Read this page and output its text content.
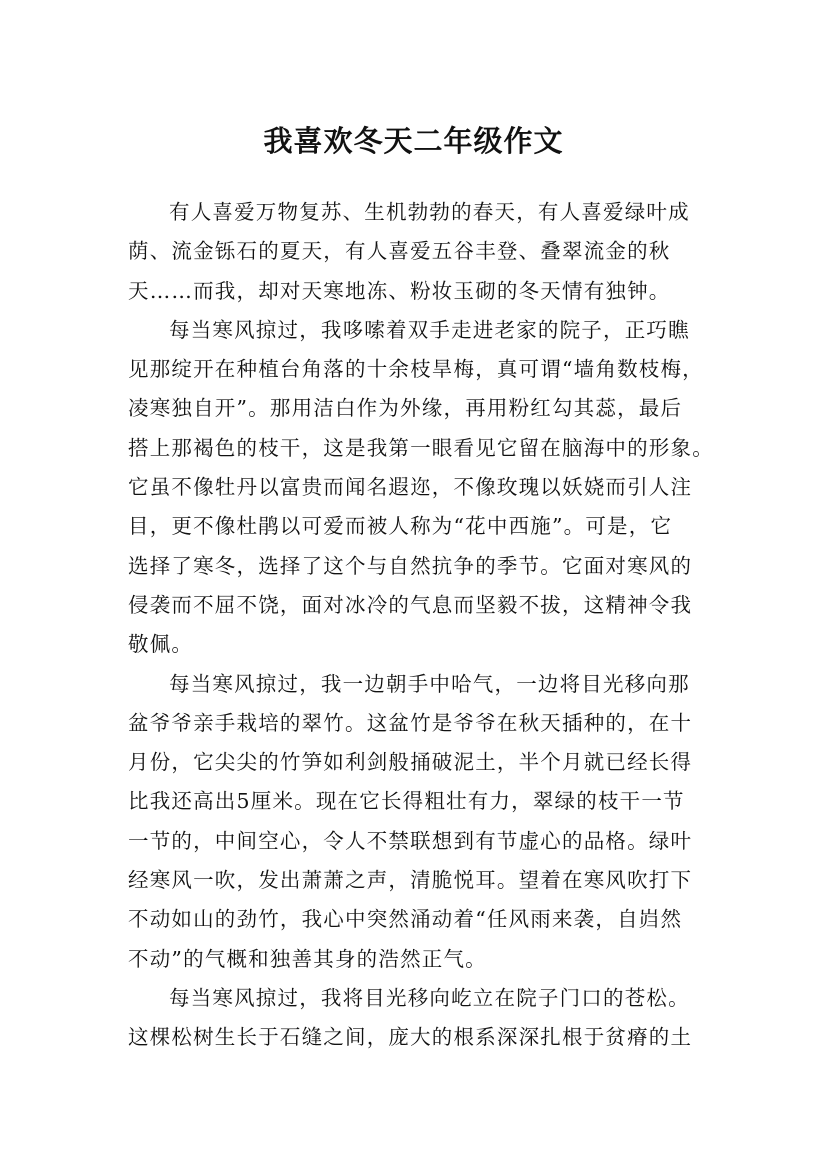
我喜欢冬天二年级作文

有人喜爱万物复苏、生机勃勃的春天，有人喜爱绿叶成
荫、流金铄石的夏天，有人喜爱五谷丰登、叠翠流金的秋
天……而我，却对天寒地冻、粉妆玉砌的冬天情有独钟。

每当寒风掠过，我哆嗦着双手走进老家的院子，正巧瞧
见那绽开在种植台角落的十余枝旱梅，真可谓“墙角数枝梅，
凌寒独自开”。那用洁白作为外缘，再用粉红勾其蕊，最后
搭上那褐色的枝干，这是我第一眼看见它留在脑海中的形象。
它虽不像牡丹以富贵而闻名遐迩，不像玫瑰以妖娆而引人注
目，更不像杜鹃以可爱而被人称为“花中西施”。可是，它
选择了寒冬，选择了这个与自然抗争的季节。它面对寒风的
侵袭而不屈不饶，面对冰冷的气息而坚毅不拔，这精神令我
敬佩。

每当寒风掠过，我一边朝手中哈气，一边将目光移向那
盆爷爷亲手栽培的翠竹。这盆竹是爷爷在秋天插种的，在十
月份，它尖尖的竹笋如利剑般捅破泥土，半个月就已经长得
比我还高出5厘米。现在它长得粗壮有力，翠绿的枝干一节
一节的，中间空心，令人不禁联想到有节虚心的品格。绿叶
经寒风一吹，发出萧萧之声，清脆悦耳。望着在寒风吹打下
不动如山的劲竹，我心中突然涌动着“任风雨来袭，自岿然
不动”的气概和独善其身的浩然正气。

每当寒风掠过，我将目光移向屹立在院子门口的苍松。
这棵松树生长于石缝之间，庞大的根系深深扎根于贫瘠的土
